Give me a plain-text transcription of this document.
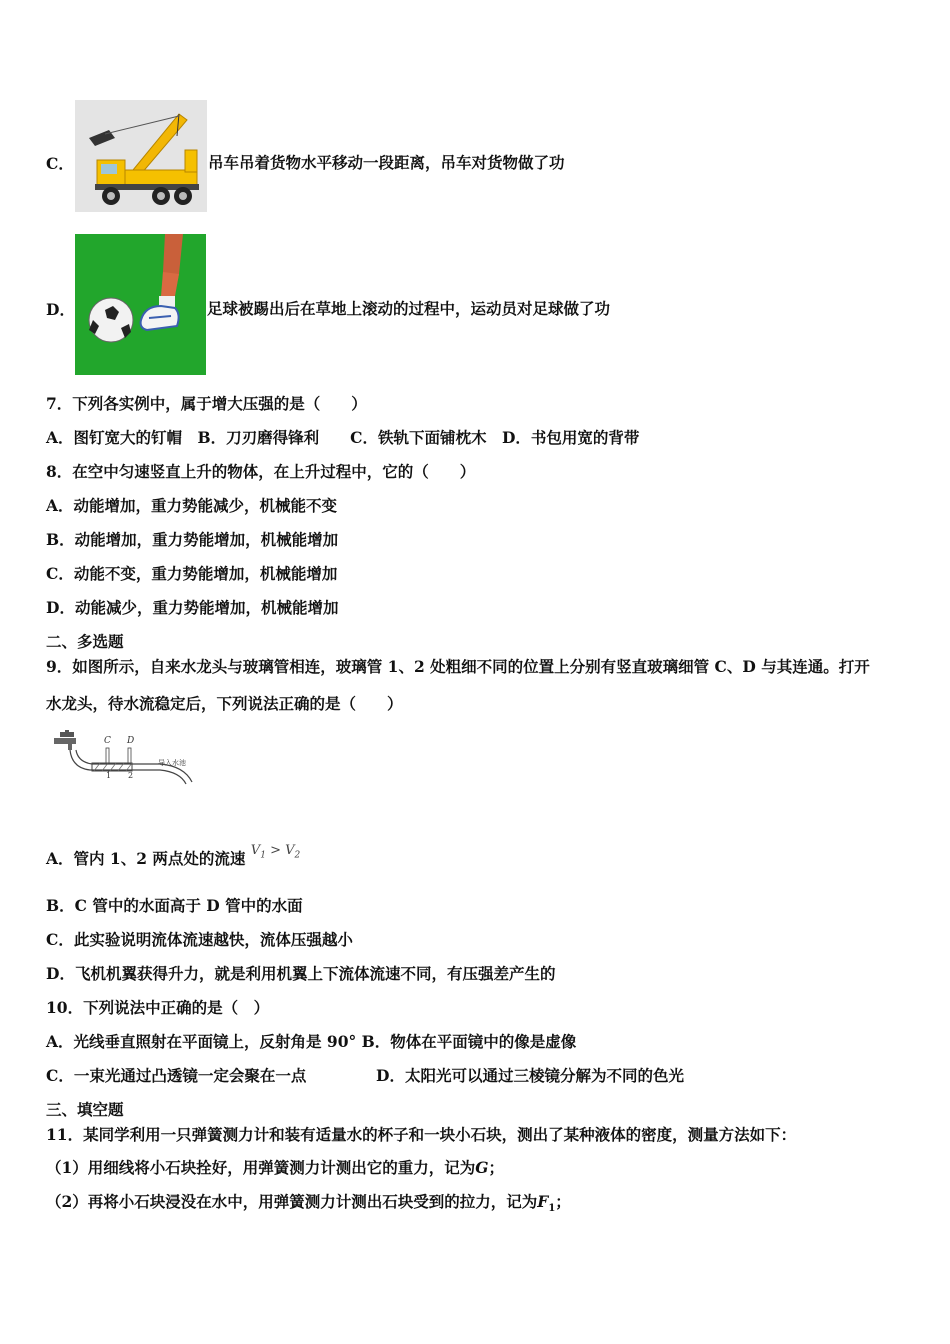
C．	吊车吊着货物水平移动一段距离，吊车对货物做了功
D．	足球被踢出后在草地上滚动的过程中，运动员对足球做了功
7．下列各实例中，属于增大压强的是（　　）
A．图钉宽大的钉帽　B．刀刃磨得锋利　　C．铁轨下面铺枕木　D．书包用宽的背带
8．在空中匀速竖直上升的物体，在上升过程中，它的（　　）
A．动能增加，重力势能减少，机械能不变
B．动能增加，重力势能增加，机械能增加
C．动能不变，重力势能增加，机械能增加
D．动能减少，重力势能增加，机械能增加
二、多选题
9．如图所示，自来水龙头与玻璃管相连，玻璃管 1、2 处粗细不同的位置上分别有竖直玻璃细管 C、D 与其连通。打开
水龙头，待水流稳定后，下列说法正确的是（　　）
C D
1 2
导入水池
A．管内 1、2 两点处的流速 $^{V_1 > V_2}$
B．C 管中的水面高于 D 管中的水面
C．此实验说明流体流速越快，流体压强越小
D．飞机机翼获得升力，就是利用机翼上下流体流速不同，有压强差产生的
10．下列说法中正确的是（　）
A．光线垂直照射在平面镜上，反射角是 90° B．物体在平面镜中的像是虚像
C．一束光通过凸透镜一定会聚在一点	D．太阳光可以通过三棱镜分解为不同的色光
三、填空题
11．某同学利用一只弹簧测力计和装有适量水的杯子和一块小石块，测出了某种液体的密度，测量方法如下：
（1）用细线将小石块拴好，用弹簧测力计测出它的重力，记为G；
（2）再将小石块浸没在水中，用弹簧测力计测出石块受到的拉力，记为$F_1$；
